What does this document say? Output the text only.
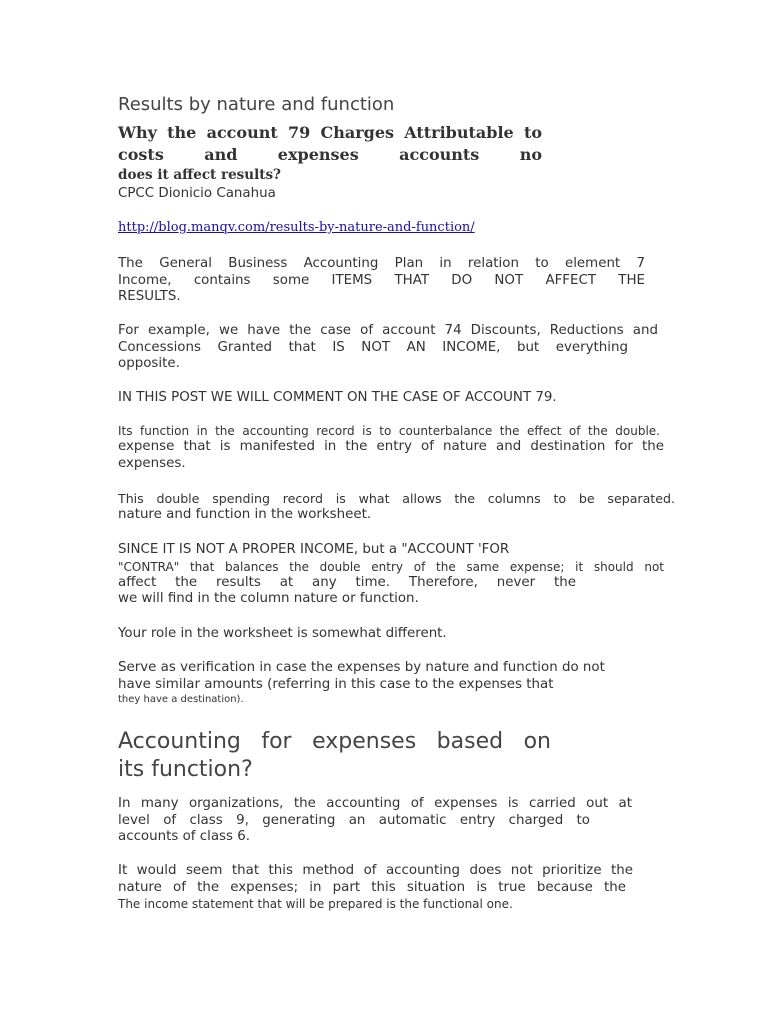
Results by nature and function
Why the account 79 Charges Attributable to
costs and expenses accounts no
does it affect results?
CPCC Dionicio Canahua
http://blog.manqv.com/results-by-nature-and-function/
The General Business Accounting Plan in relation to element 7
Income, contains some ITEMS THAT DO NOT AFFECT THE
RESULTS.
For example, we have the case of account 74 Discounts, Reductions and
Concessions Granted that IS NOT AN INCOME, but everything
opposite.
IN THIS POST WE WILL COMMENT ON THE CASE OF ACCOUNT 79.
Its function in the accounting record is to counterbalance the effect of the double.
expense that is manifested in the entry of nature and destination for the
expenses.
This double spending record is what allows the columns to be separated.
nature and function in the worksheet.
SINCE IT IS NOT A PROPER INCOME, but a "ACCOUNT 'FOR
"CONTRA" that balances the double entry of the same expense; it should not
affect the results at any time. Therefore, never the
we will find in the column nature or function.
Your role in the worksheet is somewhat different.
Serve as verification in case the expenses by nature and function do not
have similar amounts (referring in this case to the expenses that
they have a destination).
Accounting for expenses based on
its function?
In many organizations, the accounting of expenses is carried out at
level of class 9, generating an automatic entry charged to
accounts of class 6.
It would seem that this method of accounting does not prioritize the
nature of the expenses; in part this situation is true because the
The income statement that will be prepared is the functional one.
